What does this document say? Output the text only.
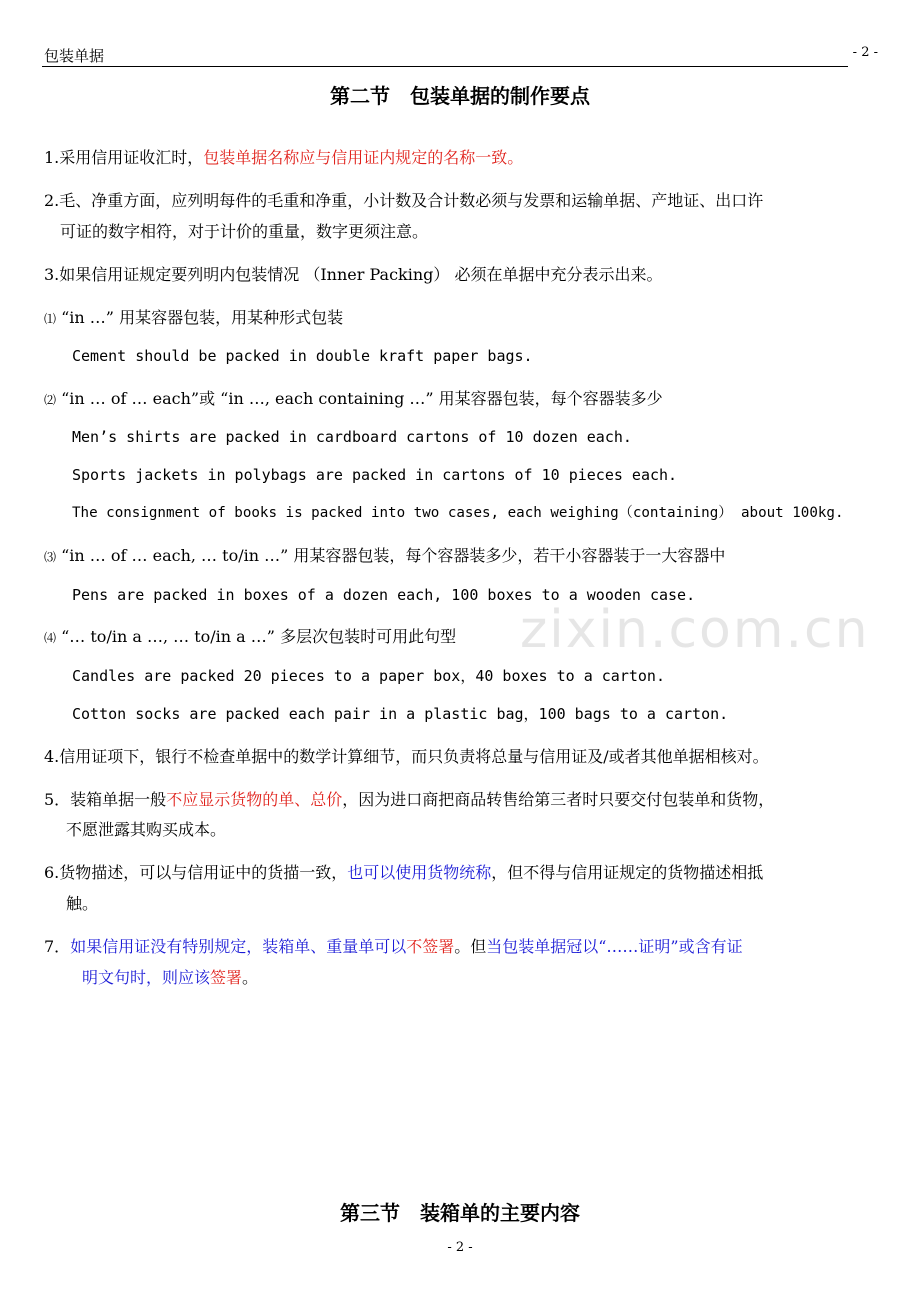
包装单据	- 2 -
第二节　包装单据的制作要点
1.采用信用证收汇时，包装单据名称应与信用证内规定的名称一致。
2.毛、净重方面，应列明每件的毛重和净重，小计数及合计数必须与发票和运输单据、产地证、出口许
可证的数字相符，对于计价的重量，数字更须注意。
3.如果信用证规定要列明内包装情况 （Inner Packing） 必须在单据中充分表示出来。
⑴ “in …” 用某容器包装，用某种形式包装
Cement should be packed in double kraft paper bags.
⑵ “in … of … each”或 “in …, each containing …” 用某容器包装，每个容器装多少
Men’s shirts are packed in cardboard cartons of 10 dozen each.
Sports jackets in polybags are packed in cartons of 10 pieces each.
The consignment of books is packed into two cases, each weighing（containing） about 100kg.
⑶ “in … of … each, … to/in …” 用某容器包装，每个容器装多少，若干小容器装于一大容器中
Pens are packed in boxes of a dozen each, 100 boxes to a wooden case.
zixin.com.cn
⑷ “… to/in a …, … to/in a …” 多层次包装时可用此句型
Candles are packed 20 pieces to a paper box，40 boxes to a carton.
Cotton socks are packed each pair in a plastic bag，100 bags to a carton.
4.信用证项下，银行不检查单据中的数学计算细节，而只负责将总量与信用证及/或者其他单据相核对。
5．装箱单据一般不应显示货物的单、总价，因为进口商把商品转售给第三者时只要交付包装单和货物，
不愿泄露其购买成本。
6.货物描述，可以与信用证中的货描一致，也可以使用货物统称，但不得与信用证规定的货物描述相抵
触。
7．如果信用证没有特别规定，装箱单、重量单可以不签署。但当包装单据冠以“……证明”或含有证
明文句时，则应该签署。
第三节　装箱单的主要内容
- 2 -
